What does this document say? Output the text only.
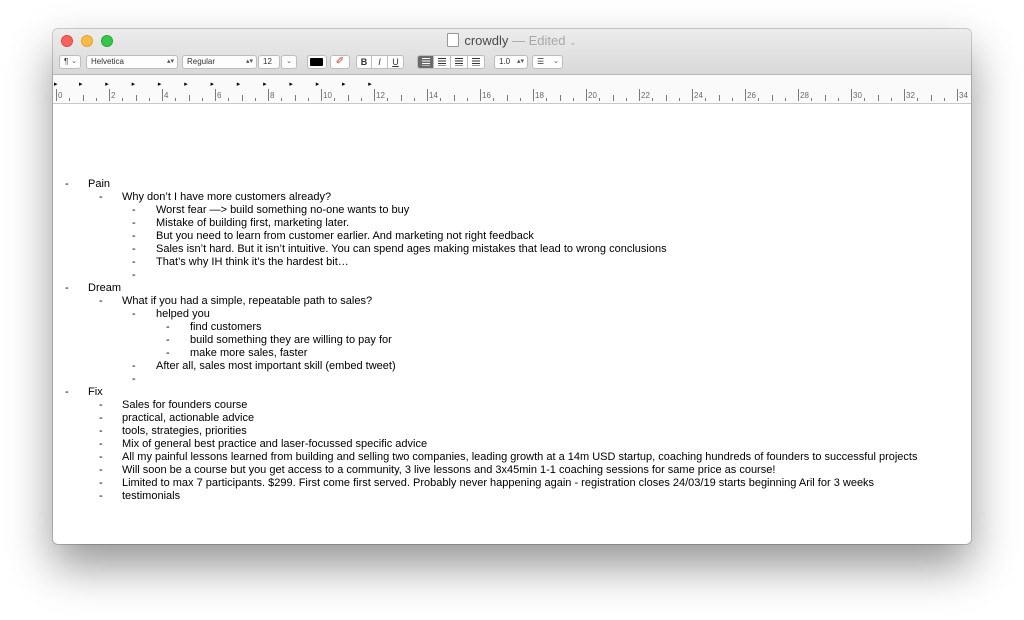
crowdly — Edited ⌄
¶ ⌄	Helvetica	▴▾	Regular	▴▾	12	⌄	✐	B	I	U	1.0 ▴▾	☰ ⌄
0	2	4	6	8	10	12	14	16	18	20	22	24	26	28	30	32	34
▸	▸	▸	▸	▸	▸	▸	▸	▸	▸	▸	▸	▸
- Pain
- Why don’t I have more customers already?
- Worst fear —> build something no-one wants to buy
- Mistake of building first, marketing later.
- But you need to learn from customer earlier. And marketing not right feedback
- Sales isn’t hard. But it isn’t intuitive. You can spend ages making mistakes that lead to wrong conclusions
- That’s why IH think it’s the hardest bit…
-
- Dream
- What if you had a simple, repeatable path to sales?
- helped you
- find customers
- build something they are willing to pay for
- make more sales, faster
- After all, sales most important skill (embed tweet)
-
- Fix
- Sales for founders course
- practical, actionable advice
- tools, strategies, priorities
- Mix of general best practice and laser-focussed specific advice
- All my painful lessons learned from building and selling two companies, leading growth at a 14m USD startup, coaching hundreds of founders to successful projects
- Will soon be a course but you get access to a community, 3 live lessons and 3x45min 1-1 coaching sessions for same price as course!
- Limited to max 7 participants. $299. First come first served. Probably never happening again - registration closes 24/03/19 starts beginning Aril for 3 weeks
- testimonials
